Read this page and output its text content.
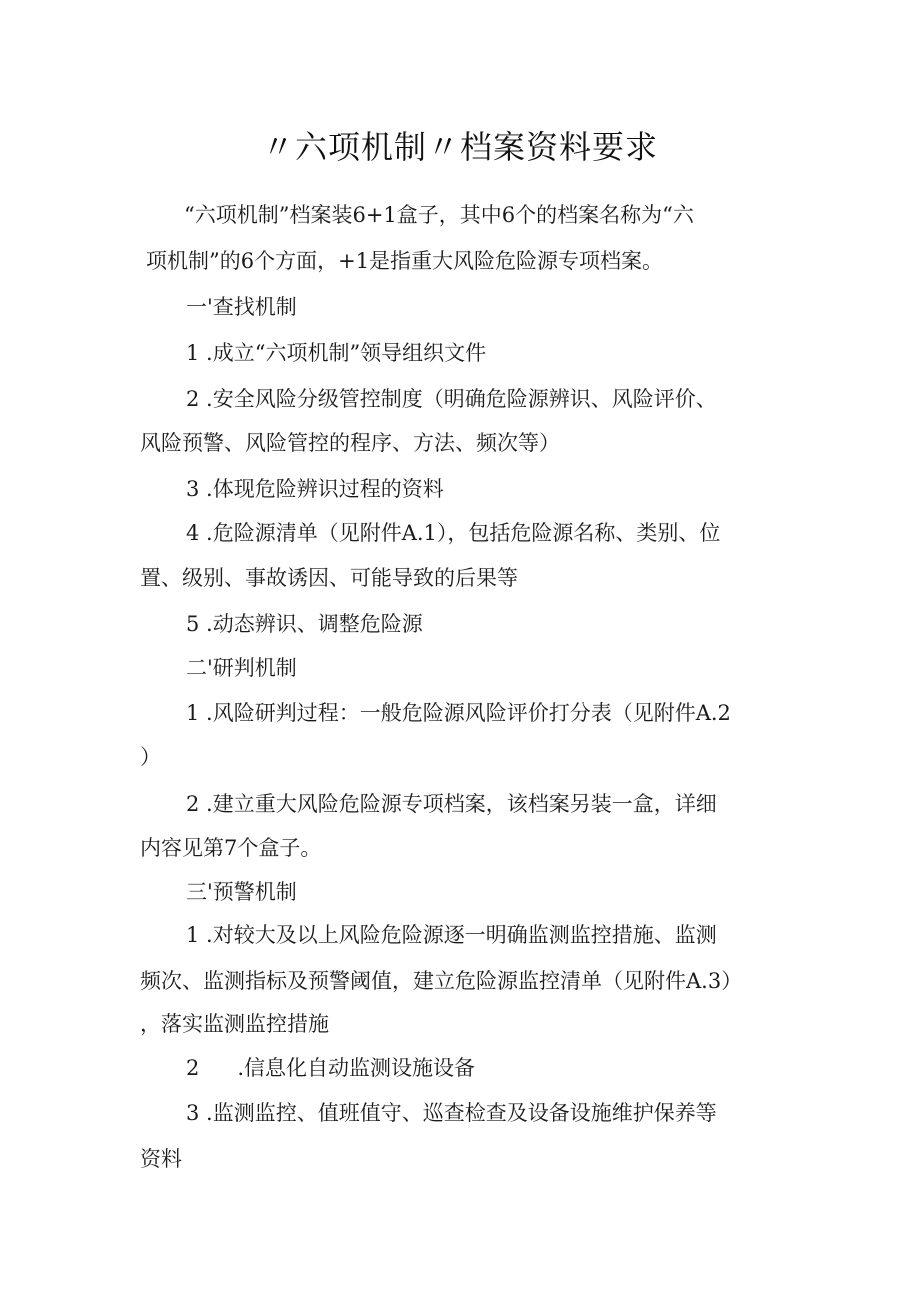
〃六项机制〃档案资料要求
“六项机制”档案装6+1盒子，其中6个的档案名称为“六
项机制”的6个方面，+1是指重大风险危险源专项档案。
一'查找机制
1 .成立“六项机制”领导组织文件
2 .安全风险分级管控制度（明确危险源辨识、风险评价、
风险预警、风险管控的程序、方法、频次等）
3 .体现危险辨识过程的资料
4 .危险源清单（见附件A.1），包括危险源名称、类别、位
置、级别、事故诱因、可能导致的后果等
5 .动态辨识、调整危险源
二'研判机制
1 .风险研判过程：一般危险源风险评价打分表（见附件A.2
）
2 .建立重大风险危险源专项档案，该档案另装一盒，详细
内容见第7个盒子。
三'预警机制
1 .对较大及以上风险危险源逐一明确监测监控措施、监测
频次、监测指标及预警阈值，建立危险源监控清单（见附件A.3）
，落实监测监控措施
2 .信息化自动监测设施设备
3 .监测监控、值班值守、巡查检查及设备设施维护保养等
资料
